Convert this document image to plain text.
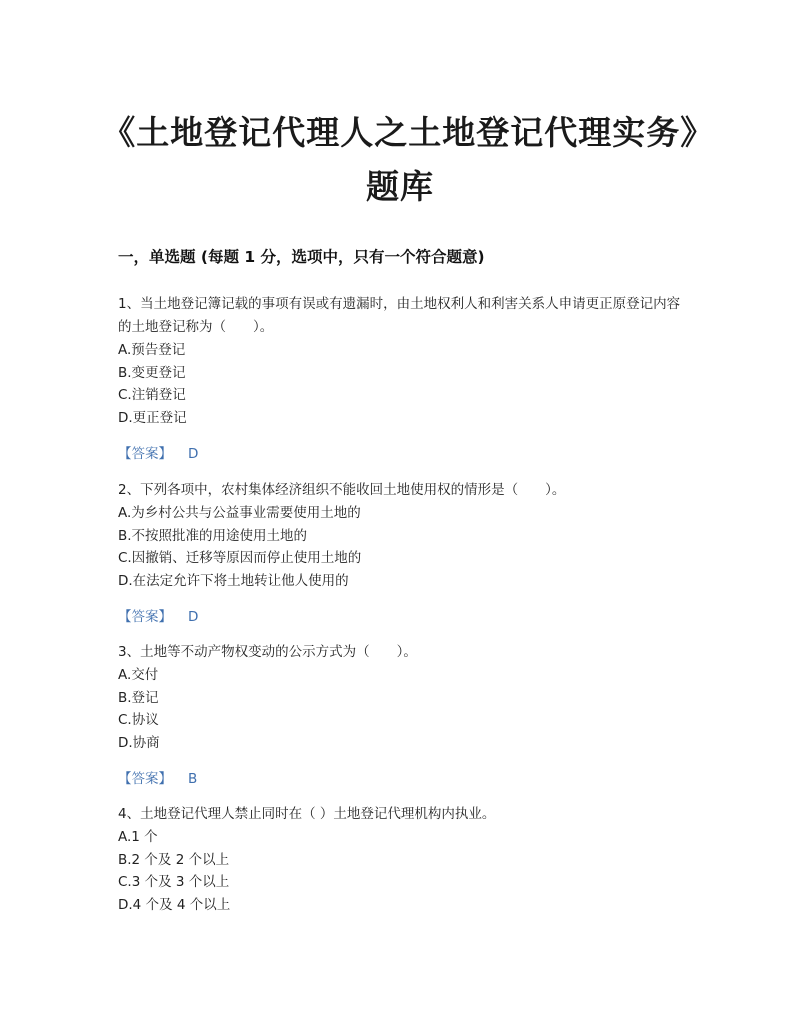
《土地登记代理人之土地登记代理实务》题库
一，单选题 (每题 1 分，选项中，只有一个符合题意)
1、当土地登记簿记载的事项有误或有遗漏时，由土地权利人和利害关系人申请更正原登记内容的土地登记称为（　　）。
A.预告登记
B.变更登记
C.注销登记
D.更正登记
【答案】 D
2、下列各项中，农村集体经济组织不能收回土地使用权的情形是（　　）。
A.为乡村公共与公益事业需要使用土地的
B.不按照批准的用途使用土地的
C.因撤销、迁移等原因而停止使用土地的
D.在法定允许下将土地转让他人使用的
【答案】 D
3、土地等不动产物权变动的公示方式为（　　）。
A.交付
B.登记
C.协议
D.协商
【答案】 B
4、土地登记代理人禁止同时在（ ）土地登记代理机构内执业。
A.1 个
B.2 个及 2 个以上
C.3 个及 3 个以上
D.4 个及 4 个以上
